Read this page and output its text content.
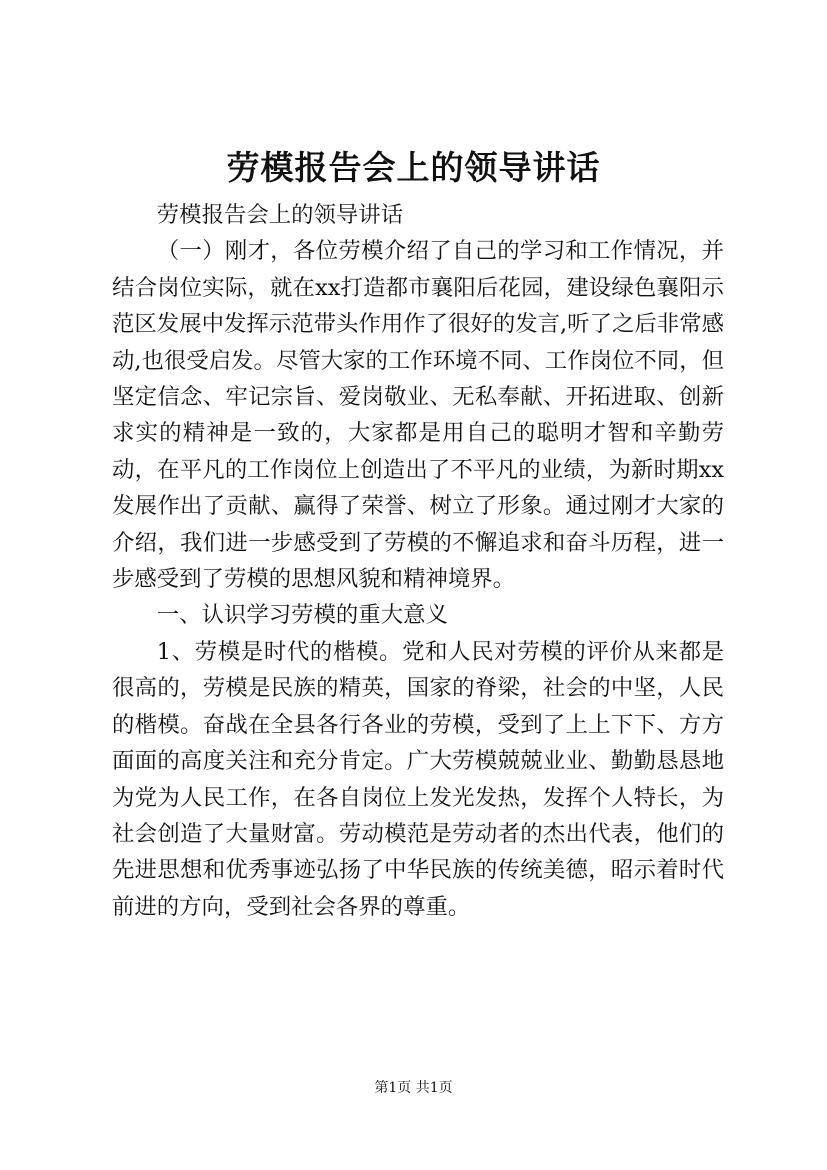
劳模报告会上的领导讲话

劳模报告会上的领导讲话

（一）刚才，各位劳模介绍了自己的学习和工作情况，并结合岗位实际，就在xx打造都市襄阳后花园，建设绿色襄阳示范区发展中发挥示范带头作用作了很好的发言,听了之后非常感动,也很受启发。尽管大家的工作环境不同、工作岗位不同，但坚定信念、牢记宗旨、爱岗敬业、无私奉献、开拓进取、创新求实的精神是一致的，大家都是用自己的聪明才智和辛勤劳动，在平凡的工作岗位上创造出了不平凡的业绩，为新时期xx发展作出了贡献、赢得了荣誉、树立了形象。通过刚才大家的介绍，我们进一步感受到了劳模的不懈追求和奋斗历程，进一步感受到了劳模的思想风貌和精神境界。

一、认识学习劳模的重大意义

1、劳模是时代的楷模。党和人民对劳模的评价从来都是很高的，劳模是民族的精英，国家的脊梁，社会的中坚，人民的楷模。奋战在全县各行各业的劳模，受到了上上下下、方方面面的高度关注和充分肯定。广大劳模兢兢业业、勤勤恳恳地为党为人民工作，在各自岗位上发光发热，发挥个人特长，为社会创造了大量财富。劳动模范是劳动者的杰出代表，他们的先进思想和优秀事迹弘扬了中华民族的传统美德，昭示着时代前进的方向，受到社会各界的尊重。

第1页 共1页
